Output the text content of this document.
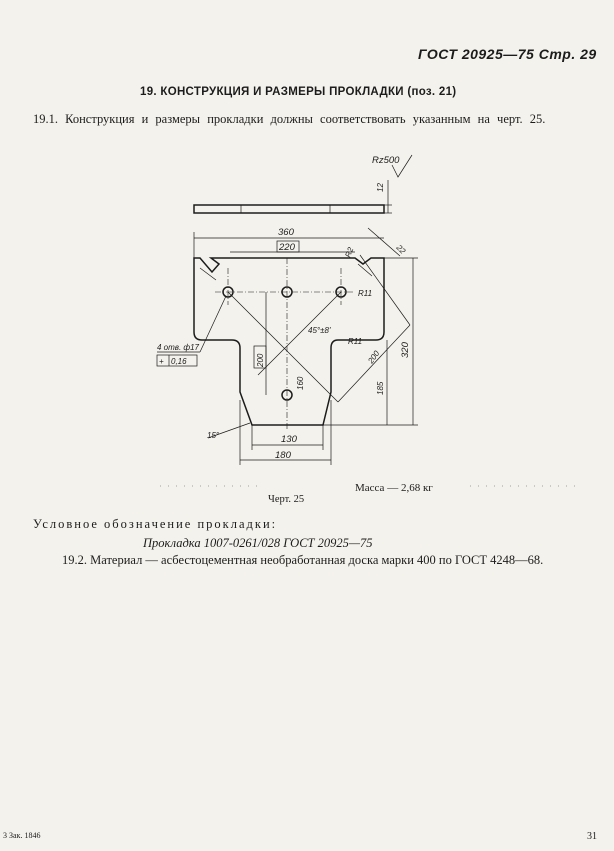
ГОСТ 20925—75 Стр. 29
19. КОНСТРУКЦИЯ И РАЗМЕРЫ ПРОКЛАДКИ (поз. 21)
19.1. Конструкция и размеры прокладки должны соответствовать указанным на черт. 25.
Rz500
12
360
220	R2	22
R11
R11
45°±8'
200
200
160
320
185
4 отв. ф17
+ 0,16
130
180
15°
Масса — 2,68 кг
Черт. 25
Условное обозначение прокладки:
Прокладка 1007-0261/028 ГОСТ 20925—75
19.2. Материал — асбестоцементная необработанная доска марки 400 по ГОСТ 4248—68.
3 Зак. 1846	31
